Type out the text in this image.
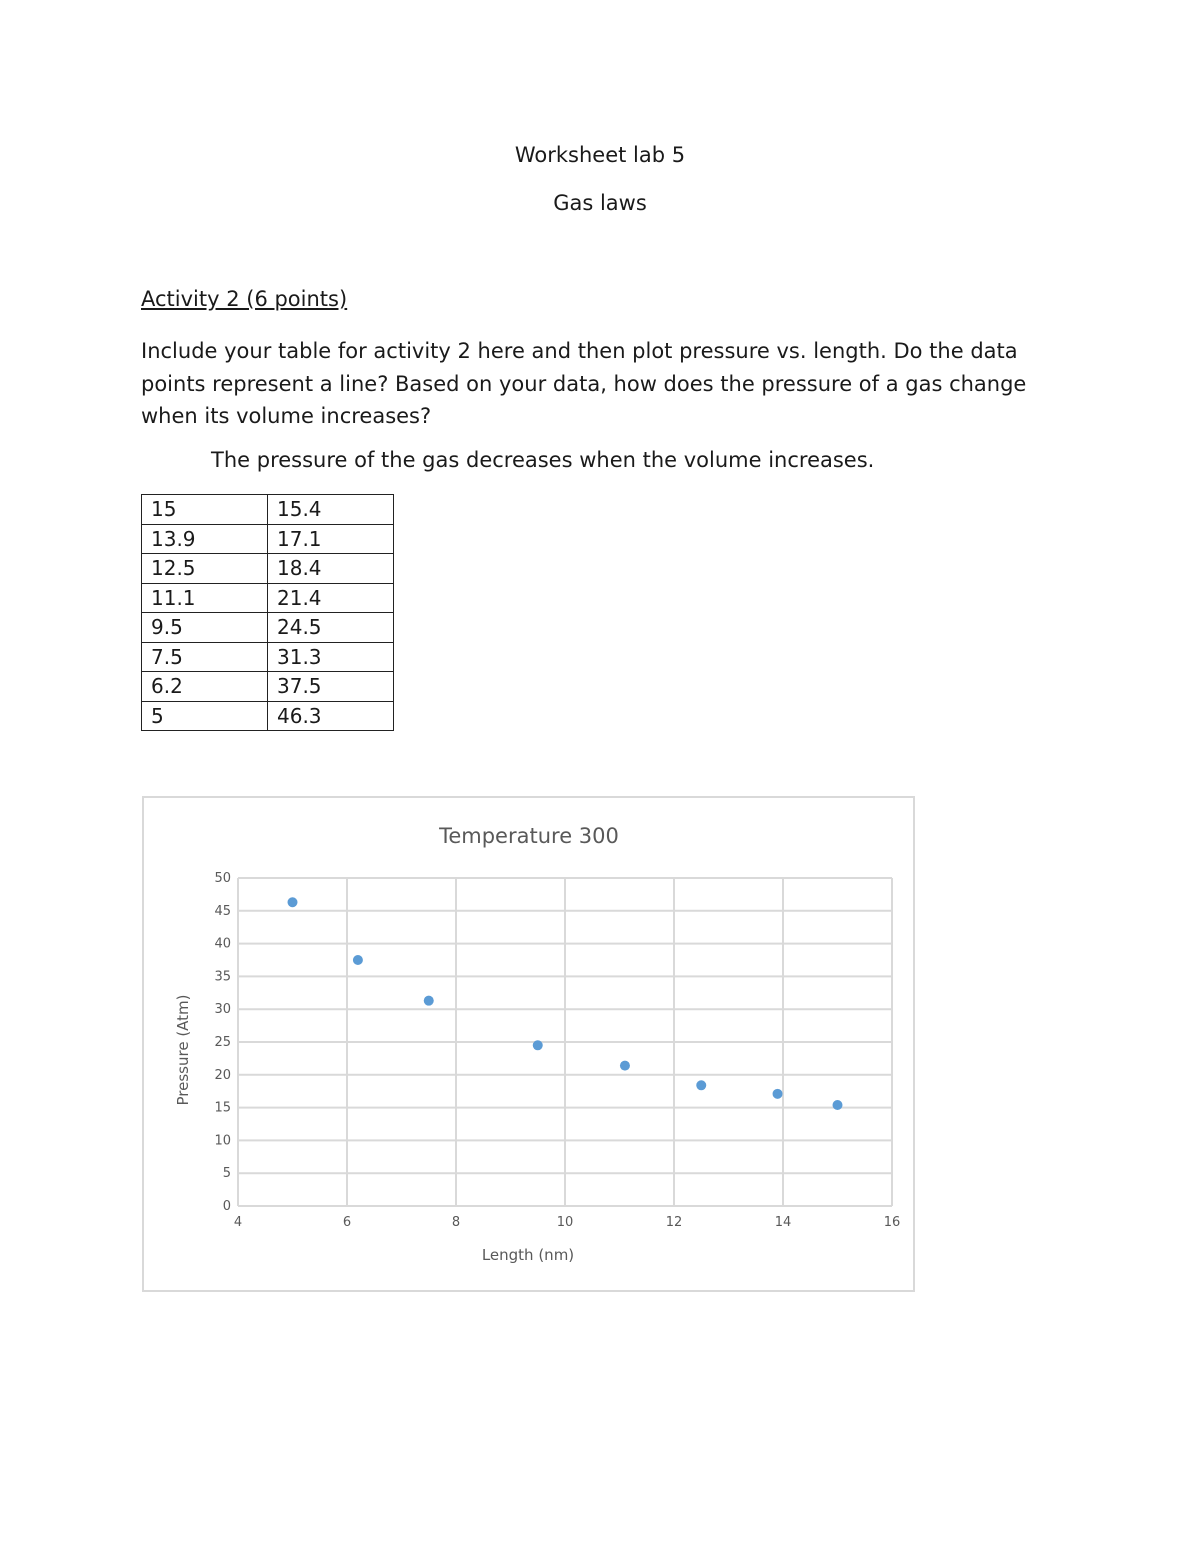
Worksheet lab 5
Gas laws
Activity 2 (6 points)
Include your table for activity 2 here and then plot pressure vs. length. Do the data points represent a line? Based on your data, how does the pressure of a gas change when its volume increases?
The pressure of the gas decreases when the volume increases.
15	15.4
13.9	17.1
12.5	18.4
11.1	21.4
9.5	24.5
7.5	31.3
6.2	37.5
5	46.3
0
5
10
15
20
25
30
35
40
45
50
4	6	8	10	12	14	16
Temperature 300
Length (nm)
Pressure (Atm)
